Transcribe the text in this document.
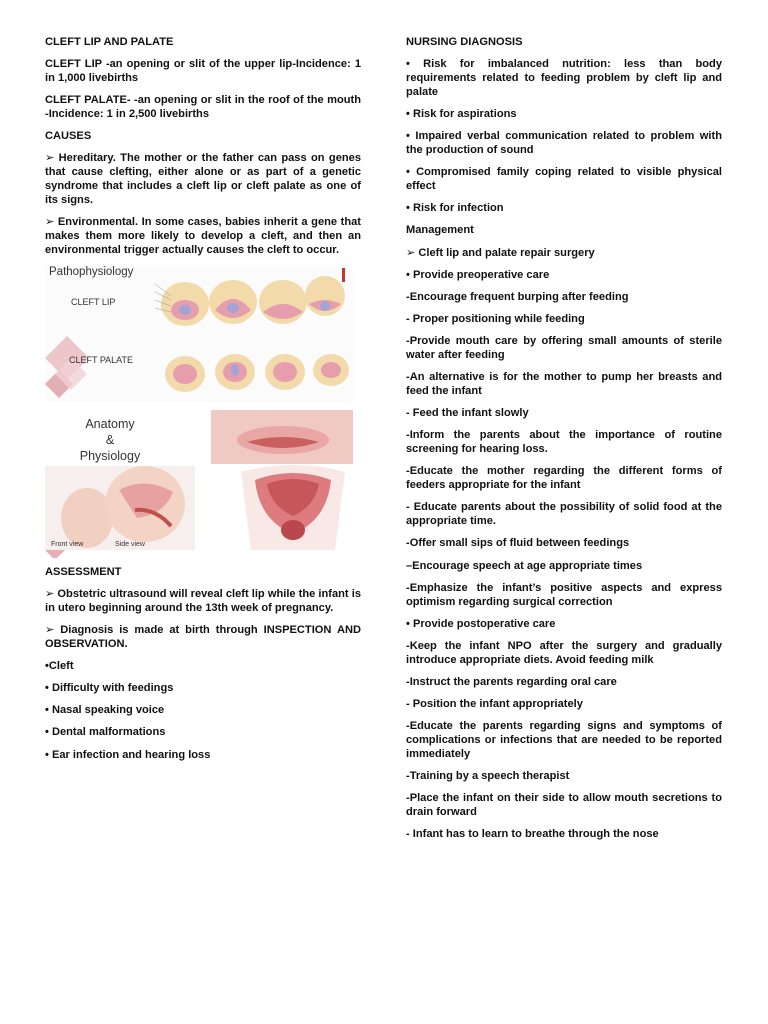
CLEFT LIP AND PALATE

CLEFT LIP -an opening or slit of the upper lip-Incidence: 1 in 1,000 livebirths

CLEFT PALATE- -an opening or slit in the roof of the mouth -Incidence: 1 in 2,500 livebirths

CAUSES

➢ Hereditary. The mother or the father can pass on genes that cause clefting, either alone or as part of a genetic syndrome that includes a cleft lip or cleft palate as one of its signs.

➢ Environmental. In some cases, babies inherit a gene that makes them more likely to develop a cleft, and then an environmental trigger actually causes the cleft to occur.

Pathophysiology
CLEFT LIP
CLEFT PALATE
Anatomy
&
Physiology
Front view	Side view

ASSESSMENT

➢ Obstetric ultrasound will reveal cleft lip while the infant is in utero beginning around the 13th week of pregnancy.

➢ Diagnosis is made at birth through INSPECTION AND OBSERVATION.

•Cleft

• Difficulty with feedings

• Nasal speaking voice

• Dental malformations

• Ear infection and hearing loss

NURSING DIAGNOSIS

• Risk for imbalanced nutrition: less than body requirements related to feeding problem by cleft lip and palate

• Risk for aspirations

• Impaired verbal communication related to problem with the production of sound

• Compromised family coping related to visible physical effect

• Risk for infection

Management

➢ Cleft lip and palate repair surgery

• Provide preoperative care

-Encourage frequent burping after feeding

- Proper positioning while feeding

-Provide mouth care by offering small amounts of sterile water after feeding

-An alternative is for the mother to pump her breasts and feed the infant

- Feed the infant slowly

-Inform the parents about the importance of routine screening for hearing loss.

-Educate the mother regarding the different forms of feeders appropriate for the infant

- Educate parents about the possibility of solid food at the appropriate time.

-Offer small sips of fluid between feedings

–Encourage speech at age appropriate times

-Emphasize the infant’s positive aspects and express optimism regarding surgical correction

• Provide postoperative care

-Keep the infant NPO after the surgery and gradually introduce appropriate diets. Avoid feeding milk

-Instruct the parents regarding oral care

- Position the infant appropriately

-Educate the parents regarding signs and symptoms of complications or infections that are needed to be reported immediately

-Training by a speech therapist

-Place the infant on their side to allow mouth secretions to drain forward

- Infant has to learn to breathe through the nose
